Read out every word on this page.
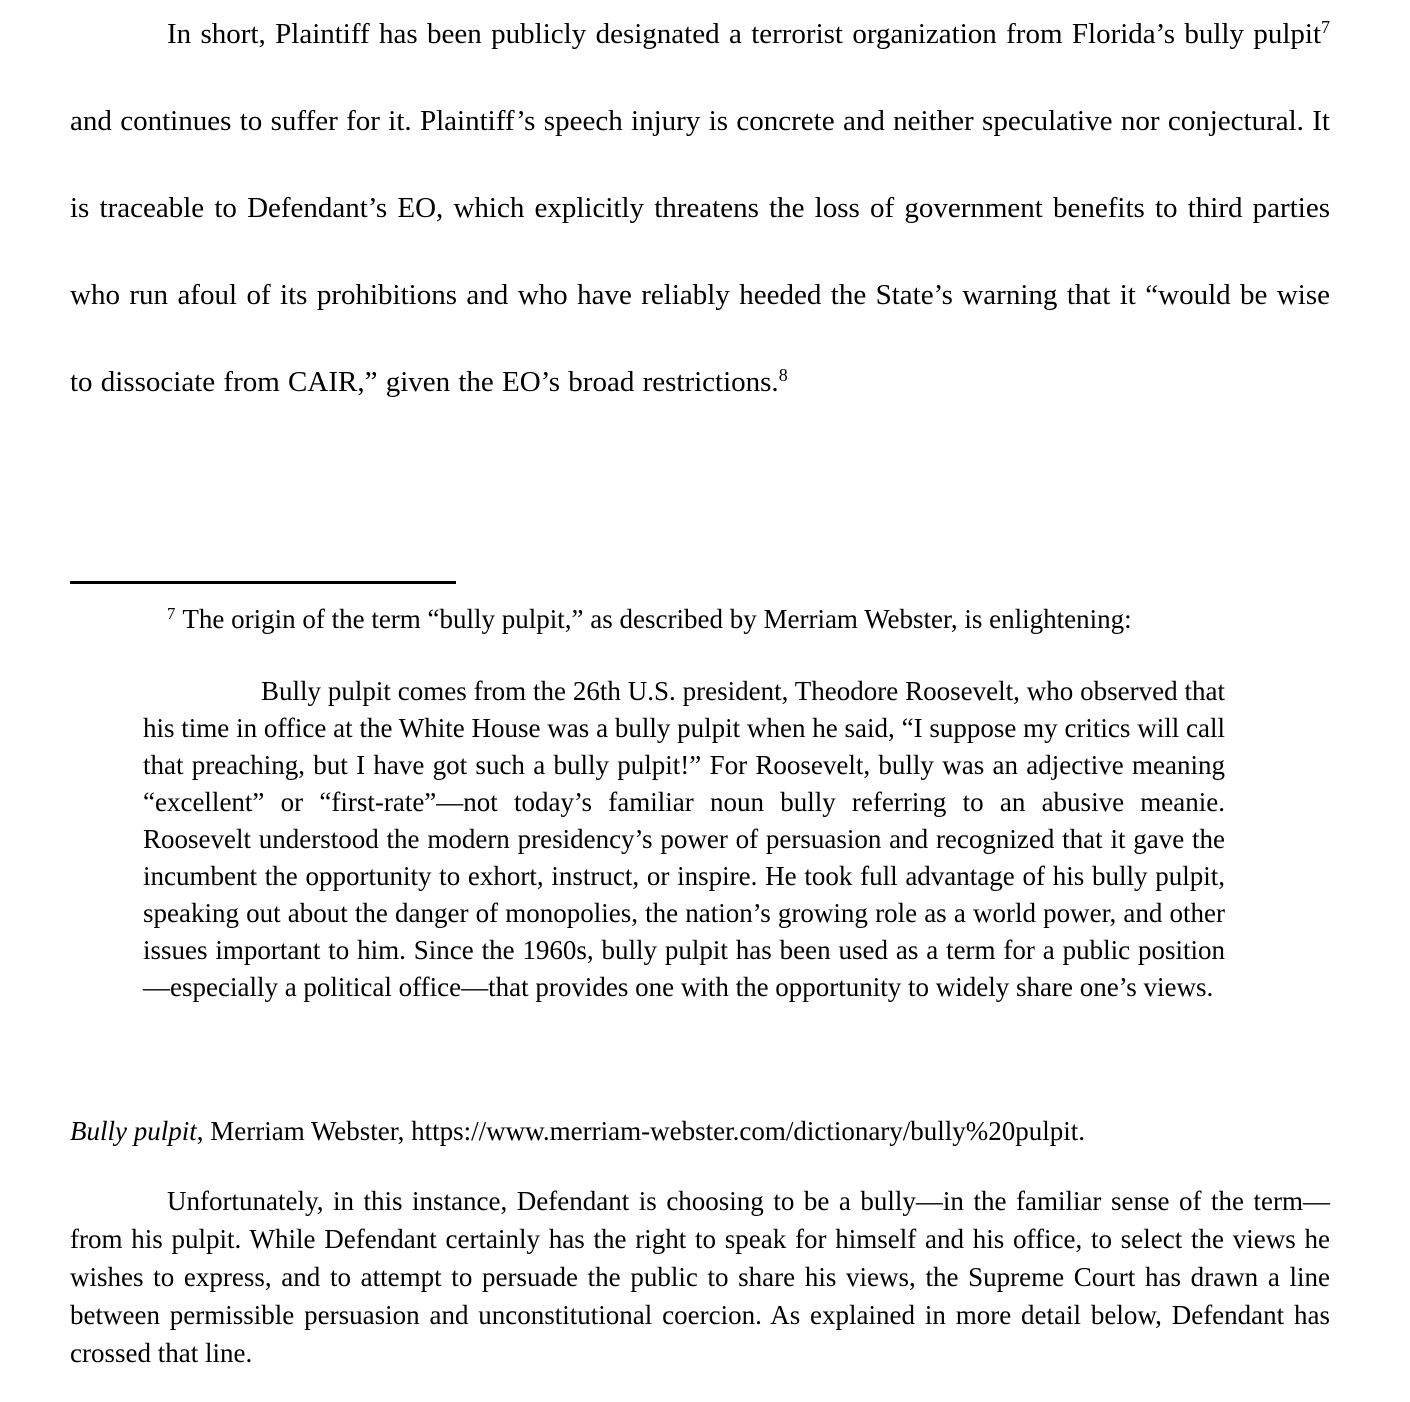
In short, Plaintiff has been publicly designated a terrorist organization from Florida’s bully pulpit$^7$ and continues to suffer for it. Plaintiff’s speech injury is concrete and neither speculative nor conjectural. It is traceable to Defendant’s EO, which explicitly threatens the loss of government benefits to third parties who run afoul of its prohibitions and who have reliably heeded the State’s warning that it “would be wise to dissociate from CAIR,” given the EO’s broad restrictions.$^8$

$^7$ The origin of the term “bully pulpit,” as described by Merriam Webster, is enlightening:

Bully pulpit comes from the 26th U.S. president, Theodore Roosevelt, who observed that his time in office at the White House was a bully pulpit when he said, “I suppose my critics will call that preaching, but I have got such a bully pulpit!” For Roosevelt, bully was an adjective meaning “excellent” or “first-rate”—not today’s familiar noun bully referring to an abusive meanie. Roosevelt understood the modern presidency’s power of persuasion and recognized that it gave the incumbent the opportunity to exhort, instruct, or inspire. He took full advantage of his bully pulpit, speaking out about the danger of monopolies, the nation’s growing role as a world power, and other issues important to him. Since the 1960s, bully pulpit has been used as a term for a public position—especially a political office—that provides one with the opportunity to widely share one’s views.

Bully pulpit, Merriam Webster, https://www.merriam-webster.com/dictionary/bully%20pulpit.

Unfortunately, in this instance, Defendant is choosing to be a bully—in the familiar sense of the term—from his pulpit. While Defendant certainly has the right to speak for himself and his office, to select the views he wishes to express, and to attempt to persuade the public to share his views, the Supreme Court has drawn a line between permissible persuasion and unconstitutional coercion. As explained in more detail below, Defendant has crossed that line.
